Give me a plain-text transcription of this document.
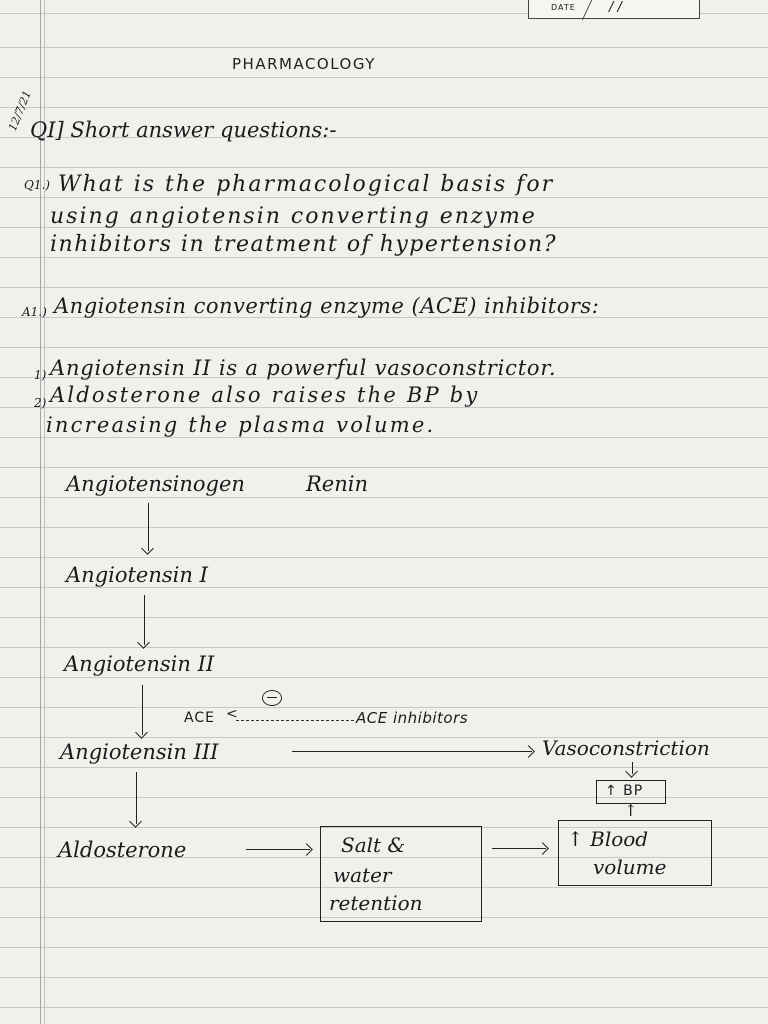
DATE	/ /
12/7/21
PHARMACOLOGY
QI] Short answer questions:-
Q1.) What is the pharmacological basis for
using angiotensin converting enzyme
inhibitors in treatment of hypertension?
A1.) Angiotensin converting enzyme (ACE) inhibitors:
1) Angiotensin II is a powerful vasoconstrictor.
2) Aldosterone also raises the BP by
increasing the plasma volume.
Angiotensinogen	Renin
Angiotensin I
Angiotensin II
ACE <	ACE inhibitors
Angiotensin III	Vasoconstriction
↑ BP
↑
Aldosterone	Salt &
water
retention
↑ Blood
volume
